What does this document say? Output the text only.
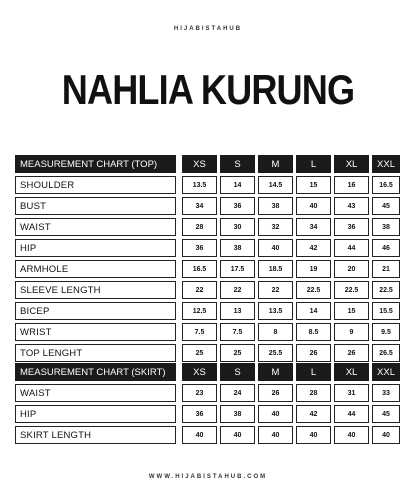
HIJABISTAHUB
NAHLIA KURUNG
MEASUREMENT CHART (TOP)	XS	S	M	L	XL	XXL
SHOULDER	13.5	14	14.5	15	16	16.5
BUST	34	36	38	40	43	45
WAIST	28	30	32	34	36	38
HIP	36	38	40	42	44	46
ARMHOLE	16.5	17.5	18.5	19	20	21
SLEEVE LENGTH	22	22	22	22.5	22.5	22.5
BICEP	12.5	13	13.5	14	15	15.5
WRIST	7.5	7.5	8	8.5	9	9.5
TOP LENGHT	25	25	25.5	26	26	26.5
MEASUREMENT CHART (SKIRT)	XS	S	M	L	XL	XXL
WAIST	23	24	26	28	31	33
HIP	36	38	40	42	44	45
SKIRT LENGTH	40	40	40	40	40	40
WWW.HIJABISTAHUB.COM
